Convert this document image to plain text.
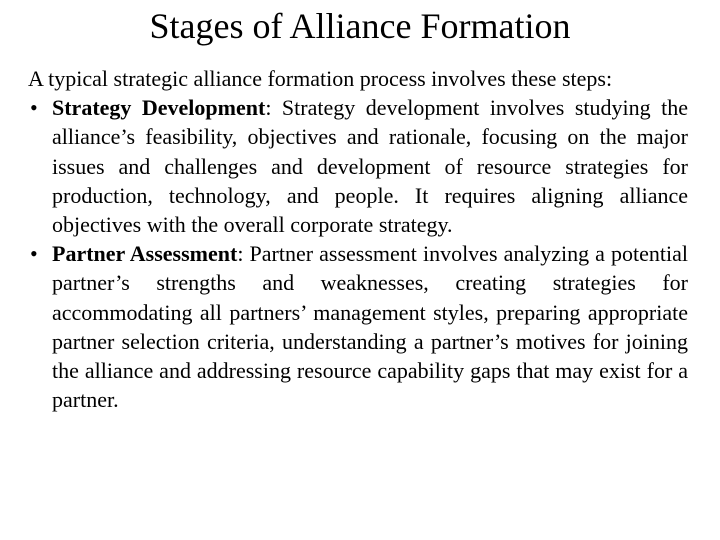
Stages of Alliance Formation

A typical strategic alliance formation process involves these steps:

• Strategy Development: Strategy development involves studying the alliance’s feasibility, objectives and rationale, focusing on the major issues and challenges and development of resource strategies for production, technology, and people. It requires aligning alliance objectives with the overall corporate strategy.
• Partner Assessment: Partner assessment involves analyzing a potential partner’s strengths and weaknesses, creating strategies for accommodating all partners’ management styles, preparing appropriate partner selection criteria, understanding a partner’s motives for joining the alliance and addressing resource capability gaps that may exist for a partner.
